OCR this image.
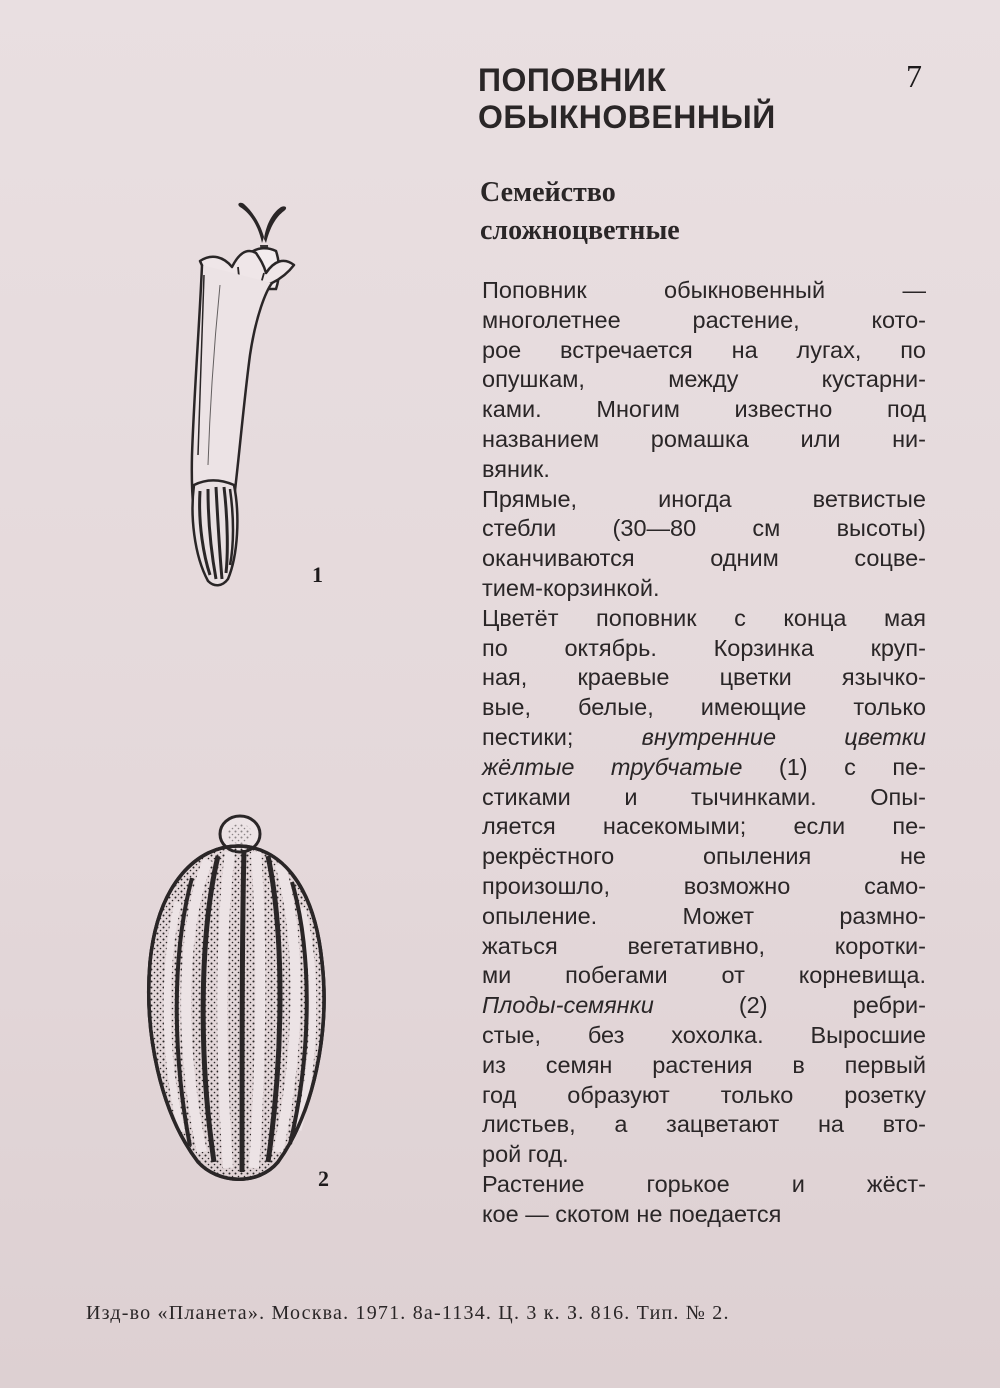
7
ПОПОВНИК
ОБЫКНОВЕННЫЙ
Семейство
сложноцветные
Поповник обыкновенный —
многолетнее растение, кото-
рое встречается на лугах, по
опушкам, между кустарни-
ками. Многим известно под
названием ромашка или ни-
вяник.
Прямые, иногда ветвистые
стебли (30—80 см высоты)
оканчиваются одним соцве-
тием-корзинкой.
Цветёт поповник с конца мая
по октябрь. Корзинка круп-
ная, краевые цветки язычко-
вые, белые, имеющие только
пестики;	внутренние цветки
жёлтые трубчатые (1) с пе-
стиками и тычинками. Опы-
ляется насекомыми; если пе-
рекрёстного опыления не
произошло, возможно само-
опыление. Может размно-
жаться вегетативно, коротки-
ми побегами от корневища.
Плоды-семянки	(2) ребри-
стые, без хохолка. Выросшие
из семян растения в первый
год образуют только розетку
листьев, а зацветают на вто-
рой год.
Растение горькое и жёст-
кое — скотом не поедается
1
2
Изд-во «Планета». Москва. 1971. 8а-1134. Ц. 3 к. З. 816. Тип. № 2.
